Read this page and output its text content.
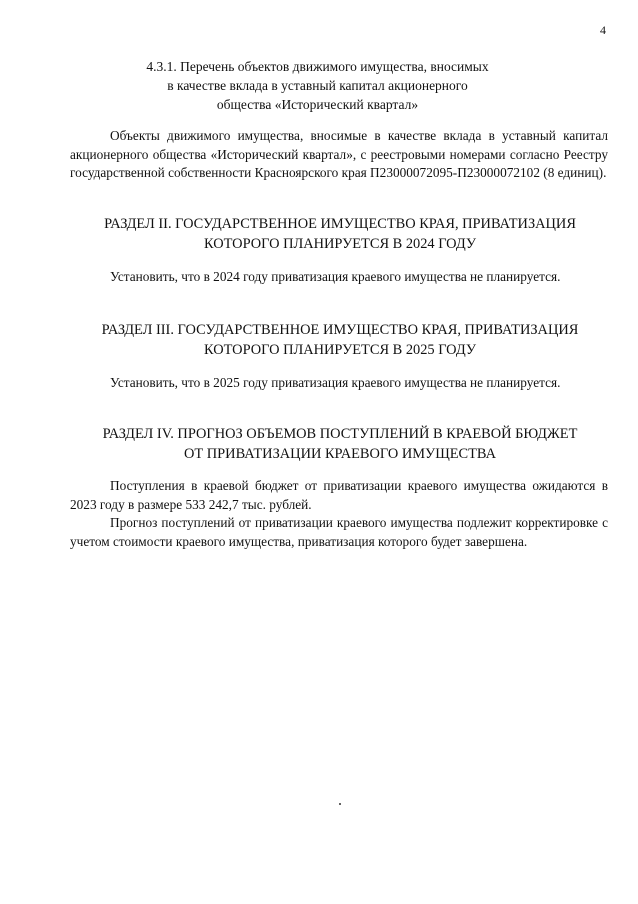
4
4.3.1. Перечень объектов движимого имущества, вносимых
в качестве вклада в уставный капитал акционерного
общества «Исторический квартал»
Объекты движимого имущества, вносимые в качестве вклада в уставный капитал акционерного общества «Исторический квартал», с реестровыми номерами согласно Реестру государственной собственности Красноярского края П23000072095-П23000072102 (8 единиц).
РАЗДЕЛ II. ГОСУДАРСТВЕННОЕ ИМУЩЕСТВО КРАЯ, ПРИВАТИЗАЦИЯ
КОТОРОГО ПЛАНИРУЕТСЯ В 2024 ГОДУ
Установить, что в 2024 году приватизация краевого имущества не планируется.
РАЗДЕЛ III. ГОСУДАРСТВЕННОЕ ИМУЩЕСТВО КРАЯ, ПРИВАТИЗАЦИЯ
КОТОРОГО ПЛАНИРУЕТСЯ В 2025 ГОДУ
Установить, что в 2025 году приватизация краевого имущества не планируется.
РАЗДЕЛ IV. ПРОГНОЗ ОБЪЕМОВ ПОСТУПЛЕНИЙ В КРАЕВОЙ БЮДЖЕТ
ОТ ПРИВАТИЗАЦИИ КРАЕВОГО ИМУЩЕСТВА
Поступления в краевой бюджет от приватизации краевого имущества ожидаются в 2023 году в размере 533 242,7 тыс. рублей.
Прогноз поступлений от приватизации краевого имущества подлежит корректировке с учетом стоимости краевого имущества, приватизация которого будет завершена.
